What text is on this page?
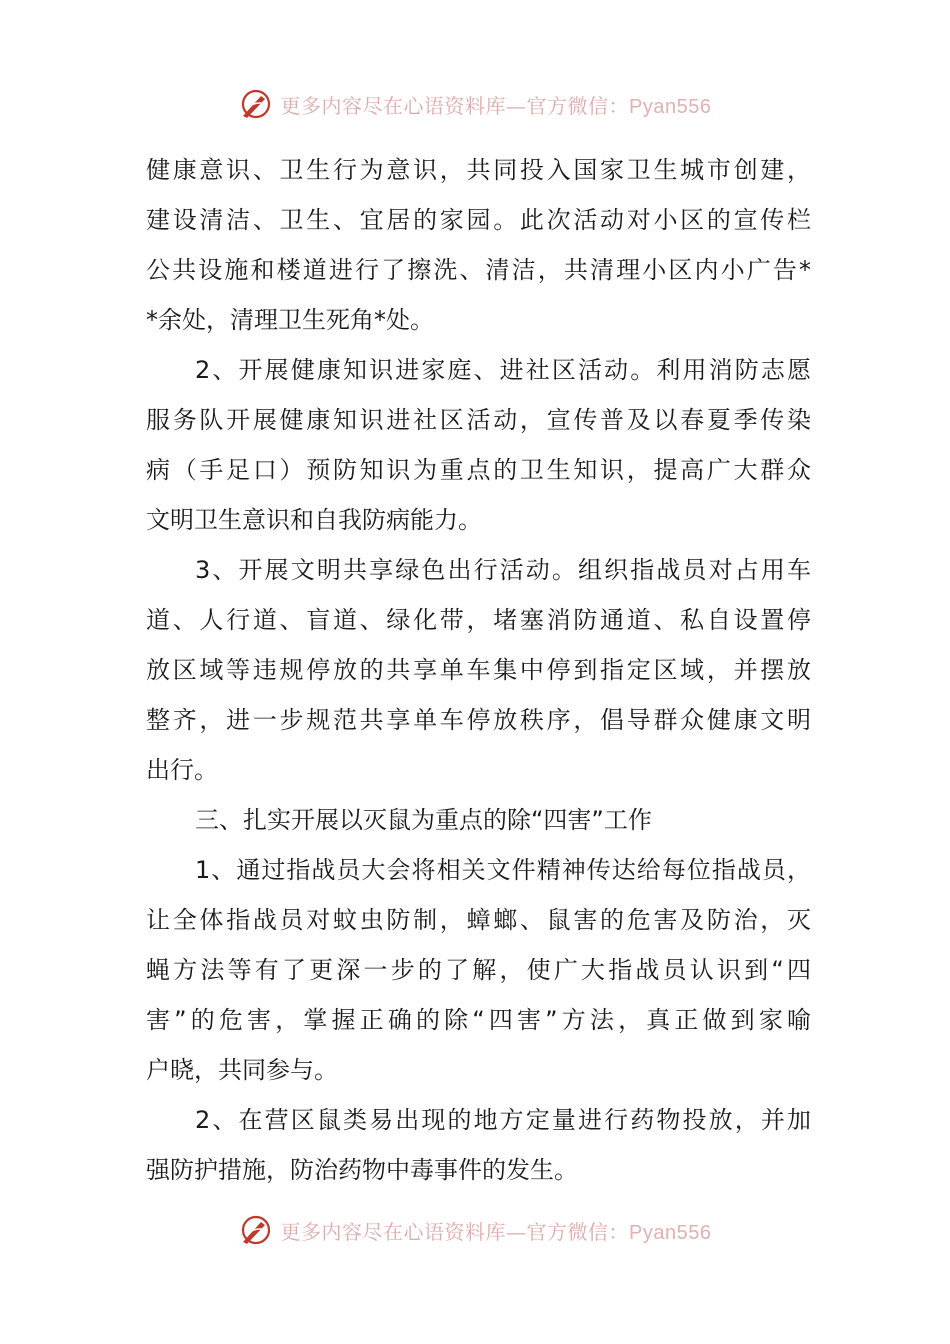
更多内容尽在心语资料库—官方微信：Pyan556
健康意识、卫生行为意识，共同投入国家卫生城市创建，
建设清洁、卫生、宜居的家园。此次活动对小区的宣传栏
公共设施和楼道进行了擦洗、清洁，共清理小区内小广告*
*余处，清理卫生死角*处。
2、开展健康知识进家庭、进社区活动。利用消防志愿
服务队开展健康知识进社区活动，宣传普及以春夏季传染
病（手足口）预防知识为重点的卫生知识，提高广大群众
文明卫生意识和自我防病能力。
3、开展文明共享绿色出行活动。组织指战员对占用车
道、人行道、盲道、绿化带，堵塞消防通道、私自设置停
放区域等违规停放的共享单车集中停到指定区域，并摆放
整齐，进一步规范共享单车停放秩序，倡导群众健康文明
出行。
三、扎实开展以灭鼠为重点的除“四害”工作
1、通过指战员大会将相关文件精神传达给每位指战员，
让全体指战员对蚊虫防制，蟑螂、鼠害的危害及防治，灭
蝇方法等有了更深一步的了解，使广大指战员认识到“四
害”的危害，掌握正确的除“四害”方法，真正做到家喻
户晓，共同参与。
2、在营区鼠类易出现的地方定量进行药物投放，并加
强防护措施，防治药物中毒事件的发生。
更多内容尽在心语资料库—官方微信：Pyan556
